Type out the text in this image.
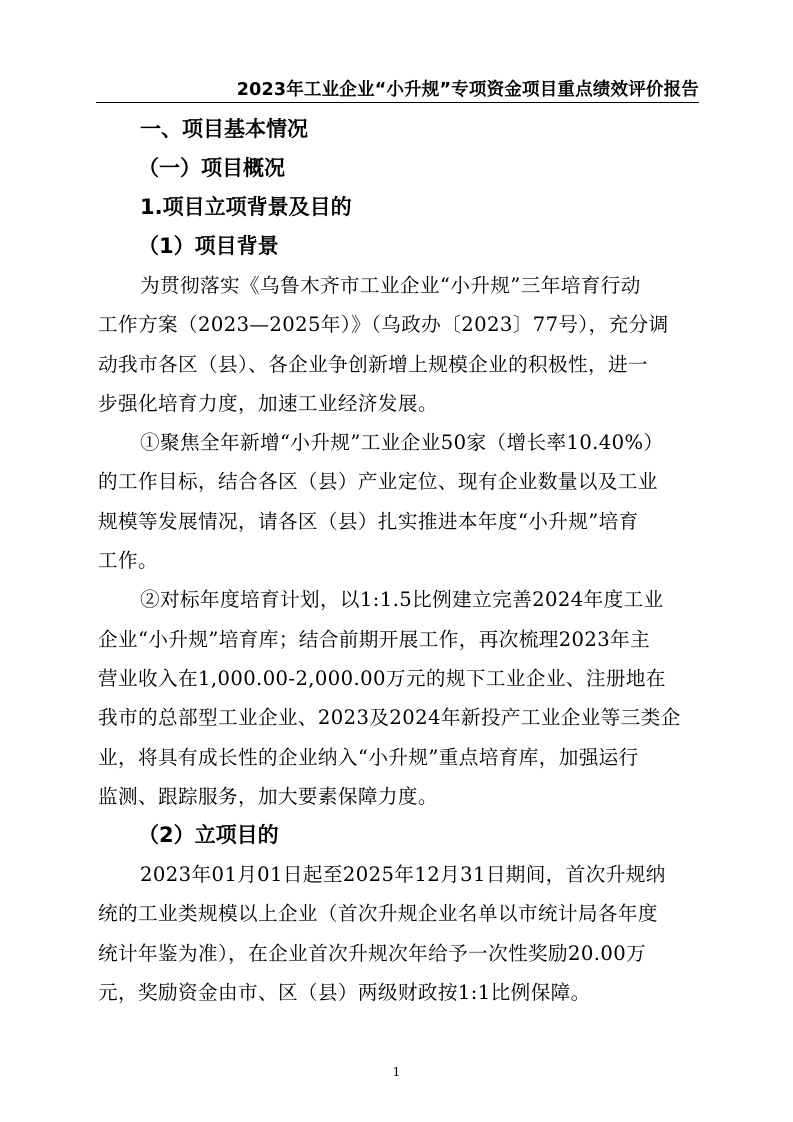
2023年工业企业“小升规”专项资金项目重点绩效评价报告
一、项目基本情况
（一）项目概况
1.项目立项背景及目的
（1）项目背景
为贯彻落实《乌鲁木齐市工业企业“小升规”三年培育行动
工作方案（2023—2025年）》（乌政办〔2023〕77号），充分调
动我市各区（县）、各企业争创新增上规模企业的积极性，进一
步强化培育力度，加速工业经济发展。
①聚焦全年新增“小升规”工业企业50家（增长率10.40%）
的工作目标，结合各区（县）产业定位、现有企业数量以及工业
规模等发展情况，请各区（县）扎实推进本年度“小升规”培育
工作。
②对标年度培育计划，以1:1.5比例建立完善2024年度工业
企业“小升规”培育库；结合前期开展工作，再次梳理2023年主
营业收入在1,000.00-2,000.00万元的规下工业企业、注册地在
我市的总部型工业企业、2023及2024年新投产工业企业等三类企
业，将具有成长性的企业纳入“小升规”重点培育库，加强运行
监测、跟踪服务，加大要素保障力度。
（2）立项目的
2023年01月01日起至2025年12月31日期间，首次升规纳
统的工业类规模以上企业（首次升规企业名单以市统计局各年度
统计年鉴为准），在企业首次升规次年给予一次性奖励20.00万
元，奖励资金由市、区（县）两级财政按1:1比例保障。
1
